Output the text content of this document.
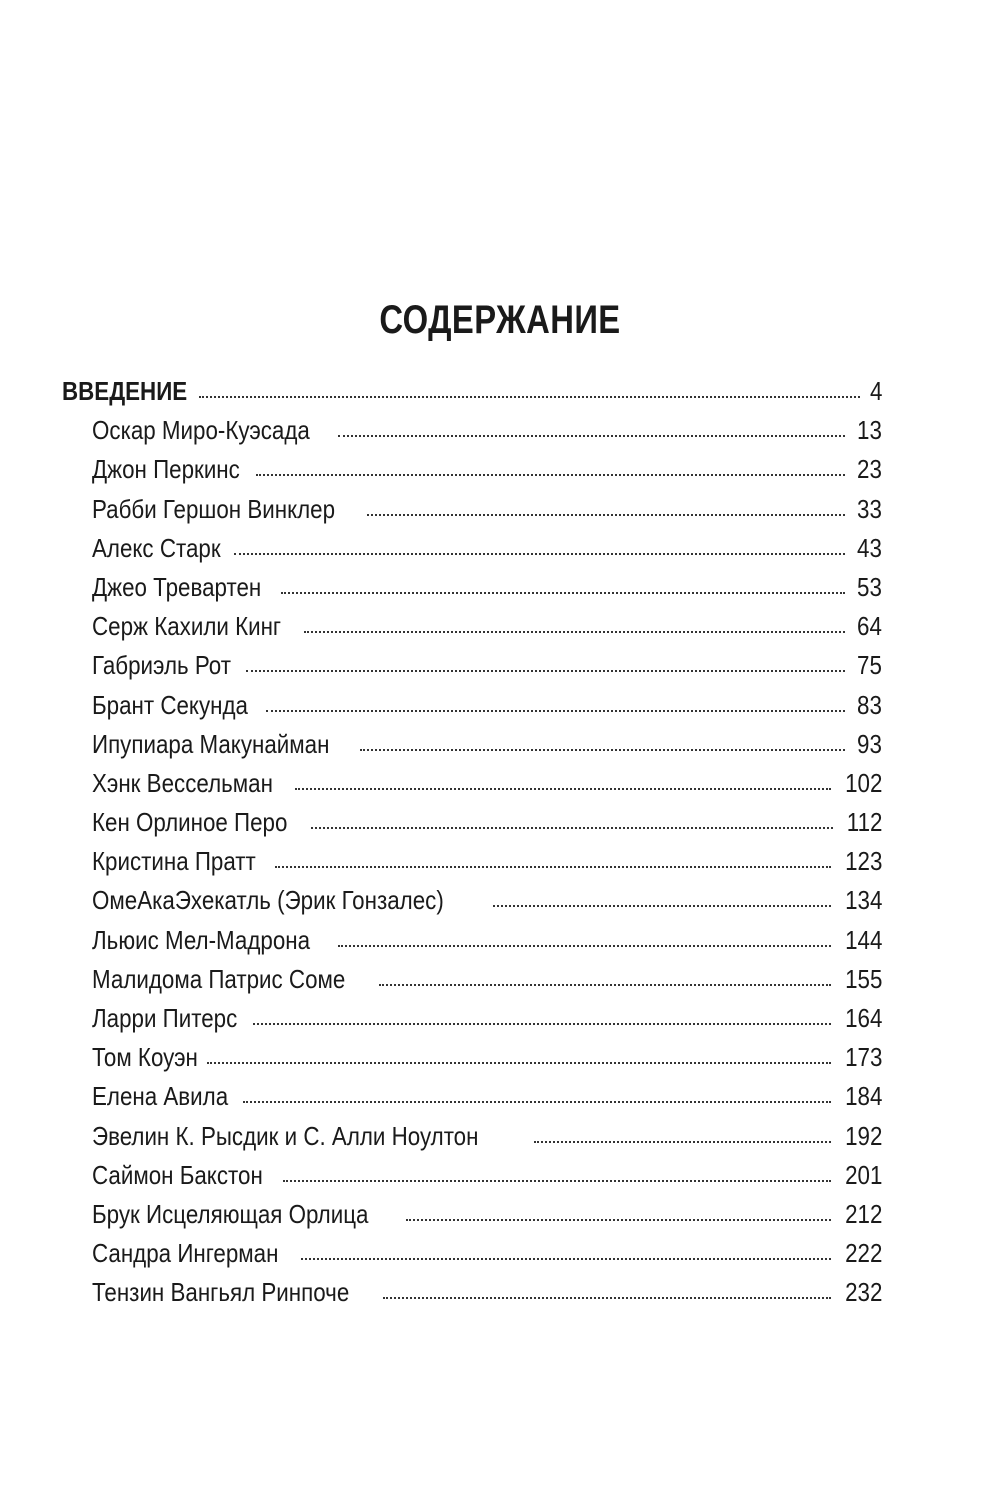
СОДЕРЖАНИЕ
ВВЕДЕНИЕ	4
Оскар Миро-Куэсада	13
Джон Перкинс	23
Рабби Гершон Винклер	33
Алекс Старк	43
Джео Тревартен	53
Серж Кахили Кинг	64
Габриэль Рот	75
Брант Секунда	83
Ипупиара Макунайман	93
Хэнк Вессельман	102
Кен Орлиное Перо	112
Кристина Пратт	123
ОмеАкаЭхекатль (Эрик Гонзалес)	134
Льюис Мел-Мадрона	144
Малидома Патрис Соме	155
Ларри Питерс	164
Том Коуэн	173
Елена Авила	184
Эвелин К. Рысдик и С. Алли Ноултон	192
Саймон Бакстон	201
Брук Исцеляющая Орлица	212
Сандра Ингерман	222
Тензин Вангьял Ринпоче	232
